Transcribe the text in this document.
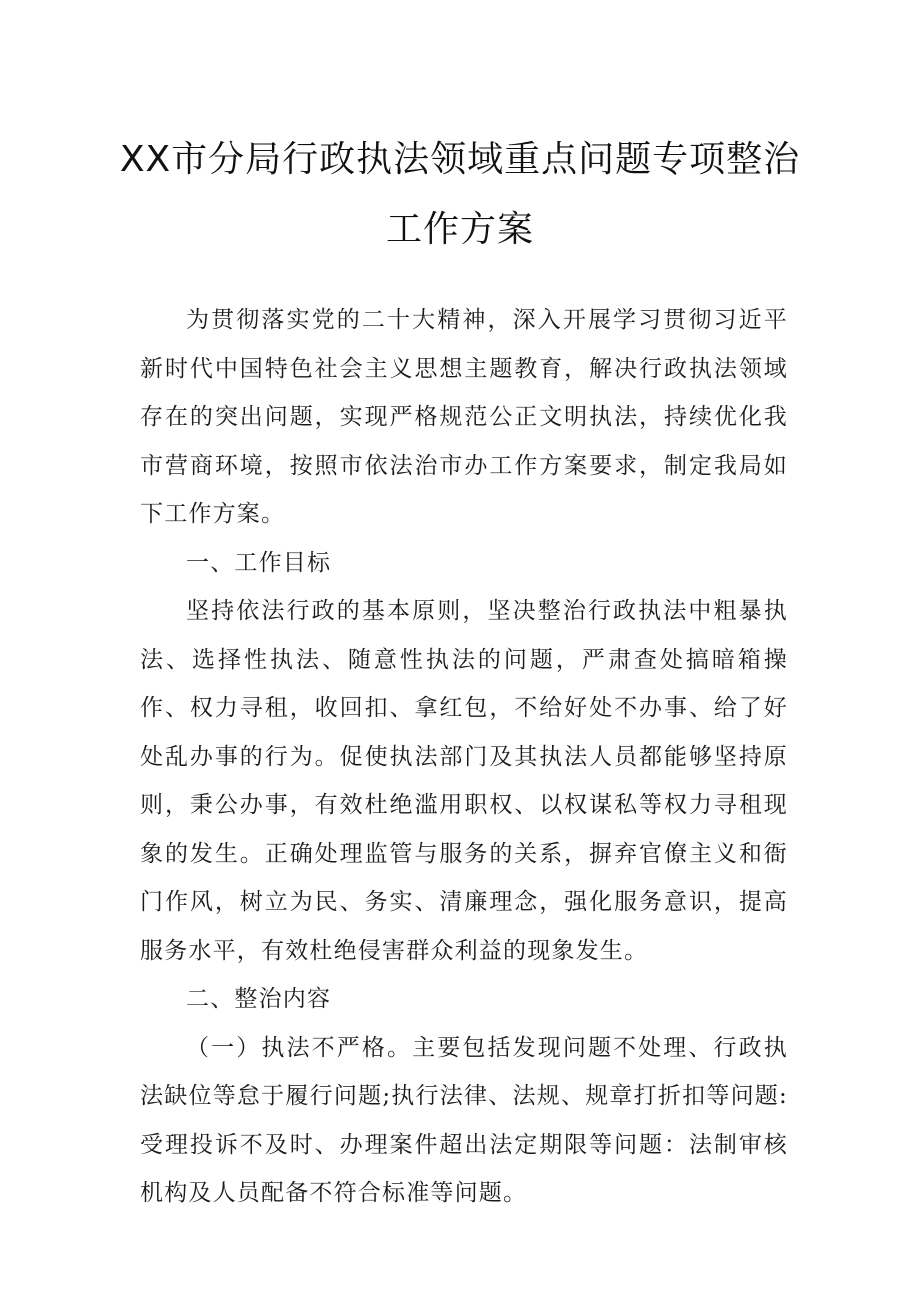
XX市分局行政执法领域重点问题专项整治
工作方案

为贯彻落实党的二十大精神，深入开展学习贯彻习近平新时代中国特色社会主义思想主题教育，解决行政执法领域存在的突出问题，实现严格规范公正文明执法，持续优化我市营商环境，按照市依法治市办工作方案要求，制定我局如下工作方案。

一、工作目标

坚持依法行政的基本原则，坚决整治行政执法中粗暴执法、选择性执法、随意性执法的问题，严肃查处搞暗箱操作、权力寻租，收回扣、拿红包，不给好处不办事、给了好处乱办事的行为。促使执法部门及其执法人员都能够坚持原则，秉公办事，有效杜绝滥用职权、以权谋私等权力寻租现象的发生。正确处理监管与服务的关系，摒弃官僚主义和衙门作风，树立为民、务实、清廉理念，强化服务意识，提高服务水平，有效杜绝侵害群众利益的现象发生。

二、整治内容

（一）执法不严格。主要包括发现问题不处理、行政执法缺位等怠于履行问题;执行法律、法规、规章打折扣等问题:受理投诉不及时、办理案件超出法定期限等问题：法制审核机构及人员配备不符合标准等问题。
